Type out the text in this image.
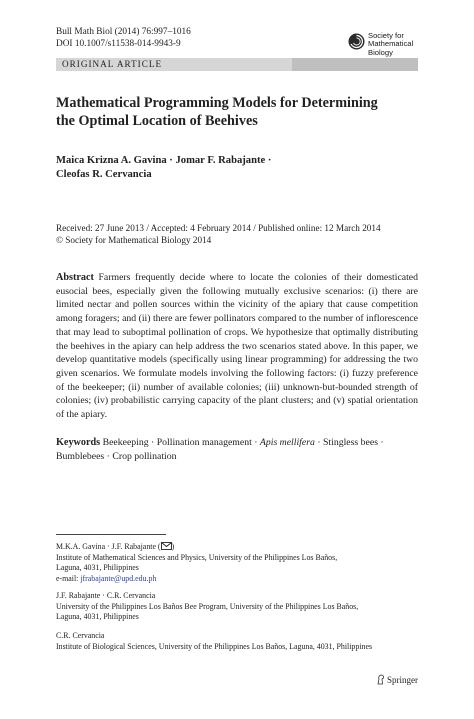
Bull Math Biol (2014) 76:997–1016
DOI 10.1007/s11538-014-9943-9
Society for
Mathematical
Biology
ORIGINAL ARTICLE
Mathematical Programming Models for Determining
the Optimal Location of Beehives
Maica Krizna A. Gavina · Jomar F. Rabajante ·
Cleofas R. Cervancia
Received: 27 June 2013 / Accepted: 4 February 2014 / Published online: 12 March 2014
© Society for Mathematical Biology 2014
Abstract Farmers frequently decide where to locate the colonies of their domesticated eusocial bees, especially given the following mutually exclusive scenarios: (i) there are limited nectar and pollen sources within the vicinity of the apiary that cause competition among foragers; and (ii) there are fewer pollinators compared to the number of inflorescence that may lead to suboptimal pollination of crops. We hypothesize that optimally distributing the beehives in the apiary can help address the two scenarios stated above. In this paper, we develop quantitative models (specifically using linear programming) for addressing the two given scenarios. We formulate models involving the following factors: (i) fuzzy preference of the beekeeper; (ii) number of available colonies; (iii) unknown-but-bounded strength of colonies; (iv) probabilistic carrying capacity of the plant clusters; and (v) spatial orientation of the apiary.
Keywords Beekeeping · Pollination management · Apis mellifera · Stingless bees · Bumblebees · Crop pollination
M.K.A. Gavina · J.F. Rabajante ( )
Institute of Mathematical Sciences and Physics, University of the Philippines Los Baños,
Laguna, 4031, Philippines
e-mail: jfrabajante@upd.edu.ph
J.F. Rabajante · C.R. Cervancia
University of the Philippines Los Baños Bee Program, University of the Philippines Los Baños,
Laguna, 4031, Philippines
C.R. Cervancia
Institute of Biological Sciences, University of the Philippines Los Baños, Laguna, 4031, Philippines
Springer
